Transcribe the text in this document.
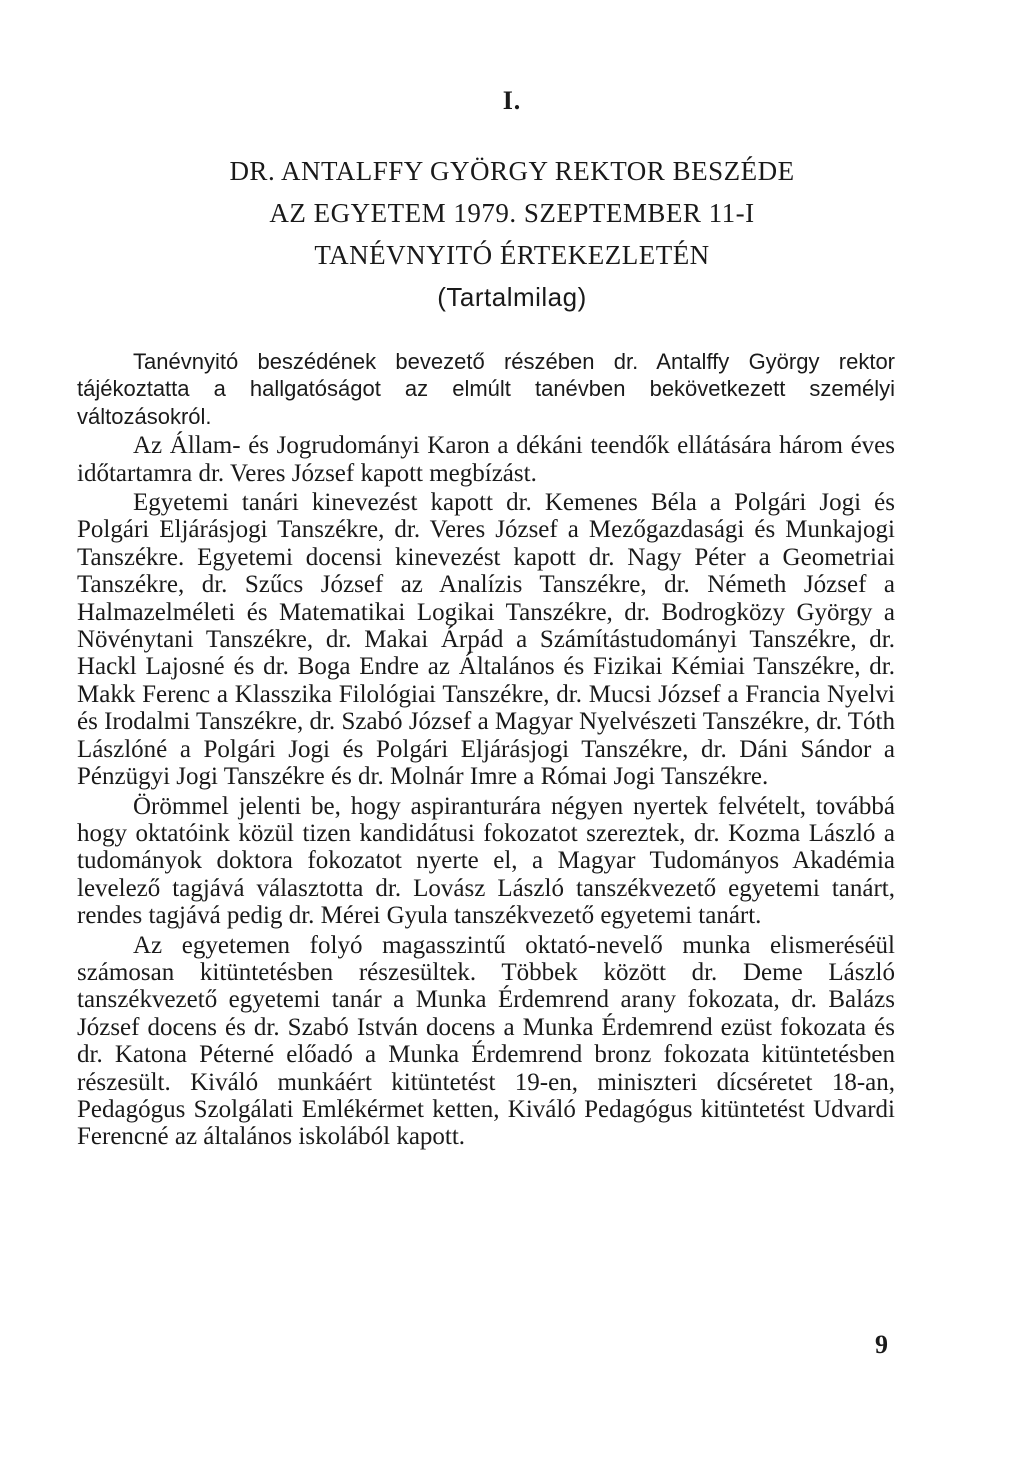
I.
DR. ANTALFFY GYÖRGY REKTOR BESZÉDE
AZ EGYETEM 1979. SZEPTEMBER 11-I
TANÉVNYITÓ ÉRTEKEZLETÉN
(Tartalmilag)

Tanévnyitó beszédének bevezető részében dr. Antalffy György rektor tájékoztatta a hallgatóságot az elmúlt tanévben bekövetkezett személyi változásokról.

Az Állam- és Jogrudományi Karon a dékáni teendők ellátására három éves időtartamra dr. Veres József kapott megbízást.

Egyetemi tanári kinevezést kapott dr. Kemenes Béla a Polgári Jogi és Polgári Eljárásjogi Tanszékre, dr. Veres József a Mezőgazdasági és Munkajogi Tanszékre. Egyetemi docensi kinevezést kapott dr. Nagy Péter a Geometriai Tanszékre, dr. Szűcs József az Analízis Tanszékre, dr. Németh József a Halmazelméleti és Matematikai Logikai Tanszékre, dr. Bodrogközy György a Növénytani Tanszékre, dr. Makai Árpád a Számítástudományi Tanszékre, dr. Hackl Lajosné és dr. Boga Endre az Általános és Fizikai Kémiai Tanszékre, dr. Makk Ferenc a Klasszika Filológiai Tanszékre, dr. Mucsi József a Francia Nyelvi és Irodalmi Tanszékre, dr. Szabó József a Magyar Nyelvészeti Tanszékre, dr. Tóth Lászlóné a Polgári Jogi és Polgári Eljárásjogi Tanszékre, dr. Dáni Sándor a Pénzügyi Jogi Tanszékre és dr. Molnár Imre a Római Jogi Tanszékre.

Örömmel jelenti be, hogy aspiranturára négyen nyertek felvételt, továbbá hogy oktatóink közül tizen kandidátusi fokozatot szereztek, dr. Kozma László a tudományok doktora fokozatot nyerte el, a Magyar Tudományos Akadémia levelező tagjává választotta dr. Lovász László tanszékvezető egyetemi tanárt, rendes tagjává pedig dr. Mérei Gyula tanszékvezető egyetemi tanárt.

Az egyetemen folyó magasszintű oktató-nevelő munka elismeréséül számosan kitüntetésben részesültek. Többek között dr. Deme László tanszékvezető egyetemi tanár a Munka Érdemrend arany fokozata, dr. Balázs József docens és dr. Szabó István docens a Munka Érdemrend ezüst fokozata és dr. Katona Péterné előadó a Munka Érdemrend bronz fokozata kitüntetésben részesült. Kiváló munkáért kitüntetést 19-en, miniszteri dícséretet 18-an, Pedagógus Szolgálati Emlékérmet ketten, Kiváló Pedagógus kitüntetést Udvardi Ferencné az általános iskolából kapott.

9
